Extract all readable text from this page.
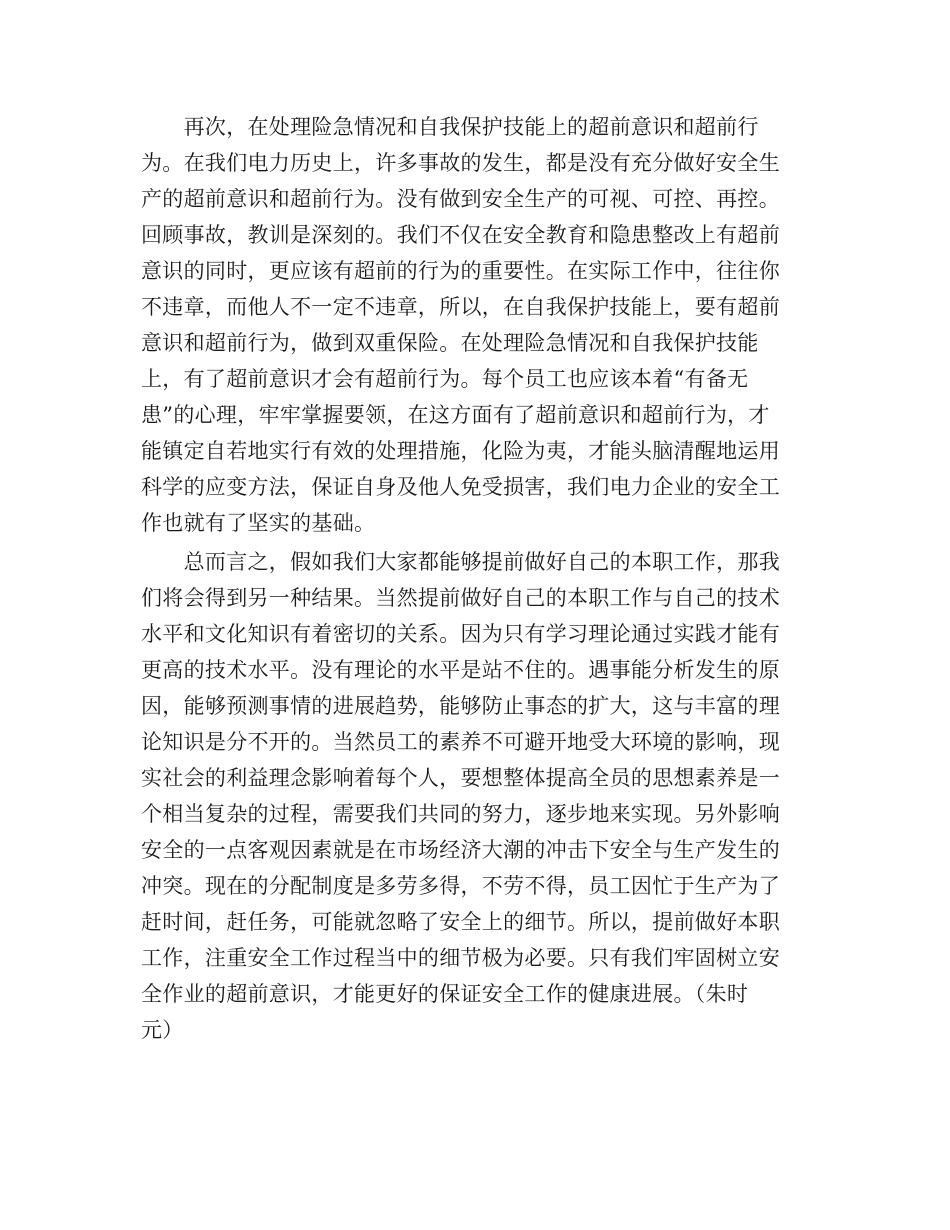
　　再次，在处理险急情况和自我保护技能上的超前意识和超前行
为。在我们电力历史上，许多事故的发生，都是没有充分做好安全生
产的超前意识和超前行为。没有做到安全生产的可视、可控、再控。
回顾事故，教训是深刻的。我们不仅在安全教育和隐患整改上有超前
意识的同时，更应该有超前的行为的重要性。在实际工作中，往往你
不违章，而他人不一定不违章，所以，在自我保护技能上，要有超前
意识和超前行为，做到双重保险。在处理险急情况和自我保护技能
上，有了超前意识才会有超前行为。每个员工也应该本着“有备无
患”的心理，牢牢掌握要领，在这方面有了超前意识和超前行为，才
能镇定自若地实行有效的处理措施，化险为夷，才能头脑清醒地运用
科学的应变方法，保证自身及他人免受损害，我们电力企业的安全工
作也就有了坚实的基础。
　　总而言之，假如我们大家都能够提前做好自己的本职工作，那我
们将会得到另一种结果。当然提前做好自己的本职工作与自己的技术
水平和文化知识有着密切的关系。因为只有学习理论通过实践才能有
更高的技术水平。没有理论的水平是站不住的。遇事能分析发生的原
因，能够预测事情的进展趋势，能够防止事态的扩大，这与丰富的理
论知识是分不开的。当然员工的素养不可避开地受大环境的影响，现
实社会的利益理念影响着每个人，要想整体提高全员的思想素养是一
个相当复杂的过程，需要我们共同的努力，逐步地来实现。另外影响
安全的一点客观因素就是在市场经济大潮的冲击下安全与生产发生的
冲突。现在的分配制度是多劳多得，不劳不得，员工因忙于生产为了
赶时间，赶任务，可能就忽略了安全上的细节。所以，提前做好本职
工作，注重安全工作过程当中的细节极为必要。只有我们牢固树立安
全作业的超前意识，才能更好的保证安全工作的健康进展。（朱时
元）
